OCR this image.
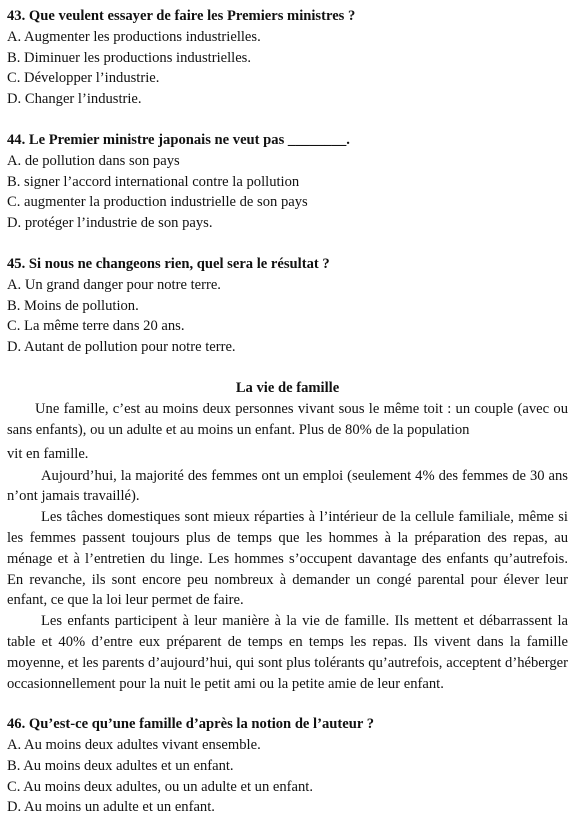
43. Que veulent essayer de faire les Premiers ministres ?

A. Augmenter les productions industrielles.

B. Diminuer les productions industrielles.

C. Développer l’industrie.

D. Changer l’industrie.

44. Le Premier ministre japonais ne veut pas ________.

A. de pollution dans son pays

B. signer l’accord international contre la pollution

C. augmenter la production industrielle de son pays

D. protéger l’industrie de son pays.

45. Si nous ne changeons rien, quel sera le résultat ?

A. Un grand danger pour notre terre.

B. Moins de pollution.

C. La même terre dans 20 ans.

D. Autant de pollution pour notre terre.

La vie de famille

Une famille, c’est au moins deux personnes vivant sous le même toit : un couple (avec ou sans enfants), ou un adulte et au moins un enfant. Plus de 80% de la population
vit en famille.

Aujourd’hui, la majorité des femmes ont un emploi (seulement 4% des femmes de 30 ans n’ont jamais travaillé).

Les tâches domestiques sont mieux réparties à l’intérieur de la cellule familiale, même si les femmes passent toujours plus de temps que les hommes à la préparation des repas, au ménage et à l’entretien du linge. Les hommes s’occupent davantage des enfants qu’autrefois. En revanche, ils sont encore peu nombreux à demander un congé parental pour élever leur enfant, ce que la loi leur permet de faire.

Les enfants participent à leur manière à la vie de famille. Ils mettent et débarrassent la table et 40% d’entre eux préparent de temps en temps les repas. Ils vivent dans la famille moyenne, et les parents d’aujourd’hui, qui sont plus tolérants qu’autrefois, acceptent d’héberger occasionnellement pour la nuit le petit ami ou la petite amie de leur enfant.

46. Qu’est-ce qu’une famille d’après la notion de l’auteur ?

A. Au moins deux adultes vivant ensemble.

B. Au moins deux adultes et un enfant.

C. Au moins deux adultes, ou un adulte et un enfant.

D. Au moins un adulte et un enfant.
